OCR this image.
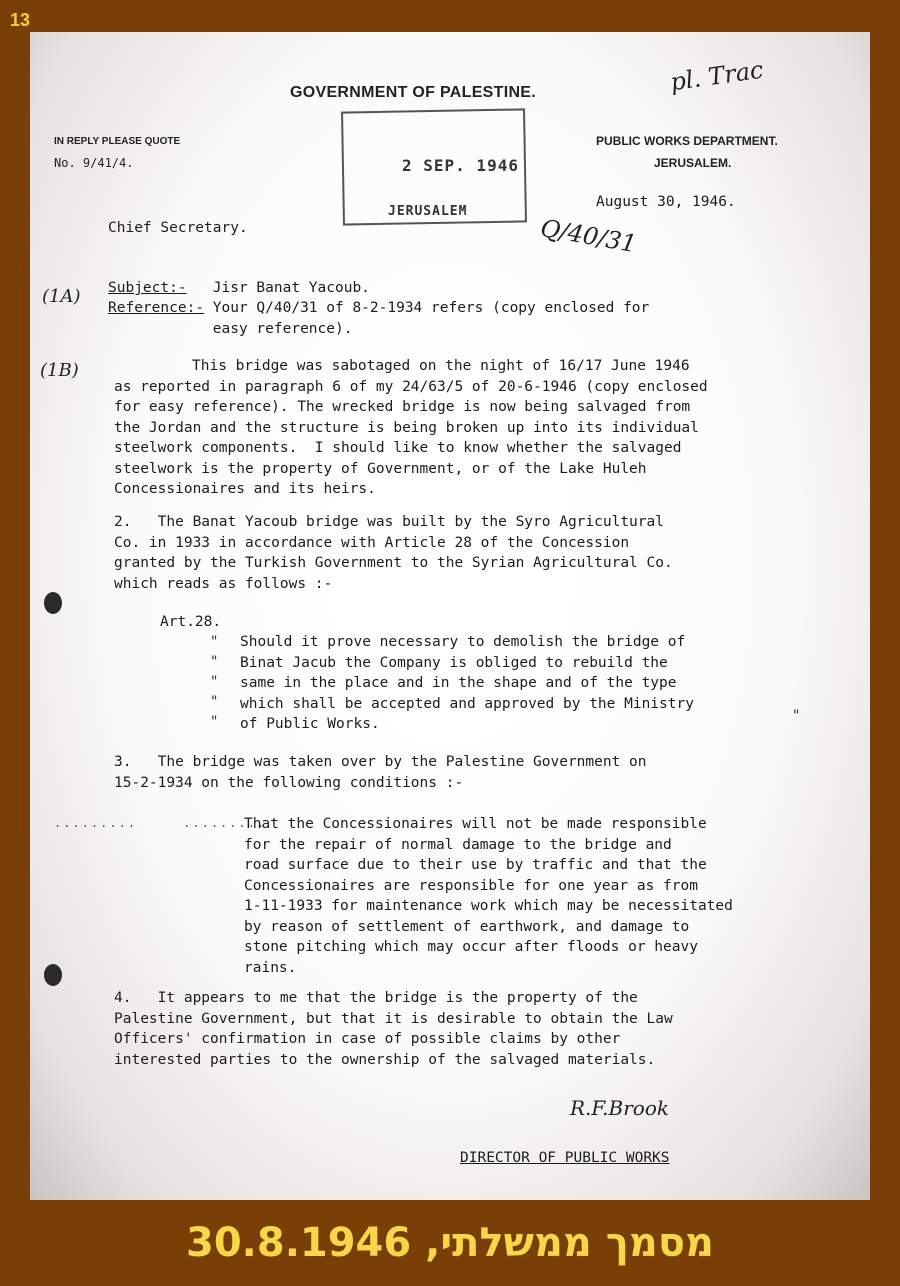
13
GOVERNMENT OF PALESTINE.
IN REPLY PLEASE QUOTE
No. 9/41/4.
PUBLIC WORKS DEPARTMENT.
JERUSALEM.
2 SEP. 1946
JERUSALEM
pl. Trac
Q/40/31
(1A)
(1B)
August 30, 1946.
Chief Secretary.
Subject:- Jisr Banat Yacoub.
Reference:- Your Q/40/31 of 8-2-1934 refers (copy enclosed for
easy reference).
This bridge was sabotaged on the night of 16/17 June 1946
as reported in paragraph 6 of my 24/63/5 of 20-6-1946 (copy enclosed
for easy reference). The wrecked bridge is now being salvaged from
the Jordan and the structure is being broken up into its individual
steelwork components.  I should like to know whether the salvaged
steelwork is the property of Government, or of the Lake Huleh
Concessionaires and its heirs.
2.   The Banat Yacoub bridge was built by the Syro Agricultural
Co. in 1933 in accordance with Article 28 of the Concession
granted by the Turkish Government to the Syrian Agricultural Co.
which reads as follows :-
Art.28.
Should it prove necessary to demolish the bridge of
Binat Jacub the Company is obliged to rebuild the
same in the place and in the shape and of the type
which shall be accepted and approved by the Ministry
of Public Works.
"
"
"
"
"	"
3.   The bridge was taken over by the Palestine Government on
15-2-1934 on the following conditions :-
.........     .........
That the Concessionaires will not be made responsible
for the repair of normal damage to the bridge and
road surface due to their use by traffic and that the
Concessionaires are responsible for one year as from
1-11-1933 for maintenance work which may be necessitated
by reason of settlement of earthwork, and damage to
stone pitching which may occur after floods or heavy
rains.
4.   It appears to me that the bridge is the property of the
Palestine Government, but that it is desirable to obtain the Law
Officers' confirmation in case of possible claims by other
interested parties to the ownership of the salvaged materials.
R.F.Brook
DIRECTOR OF PUBLIC WORKS
מסמך ממשלתי, 30.8.1946
